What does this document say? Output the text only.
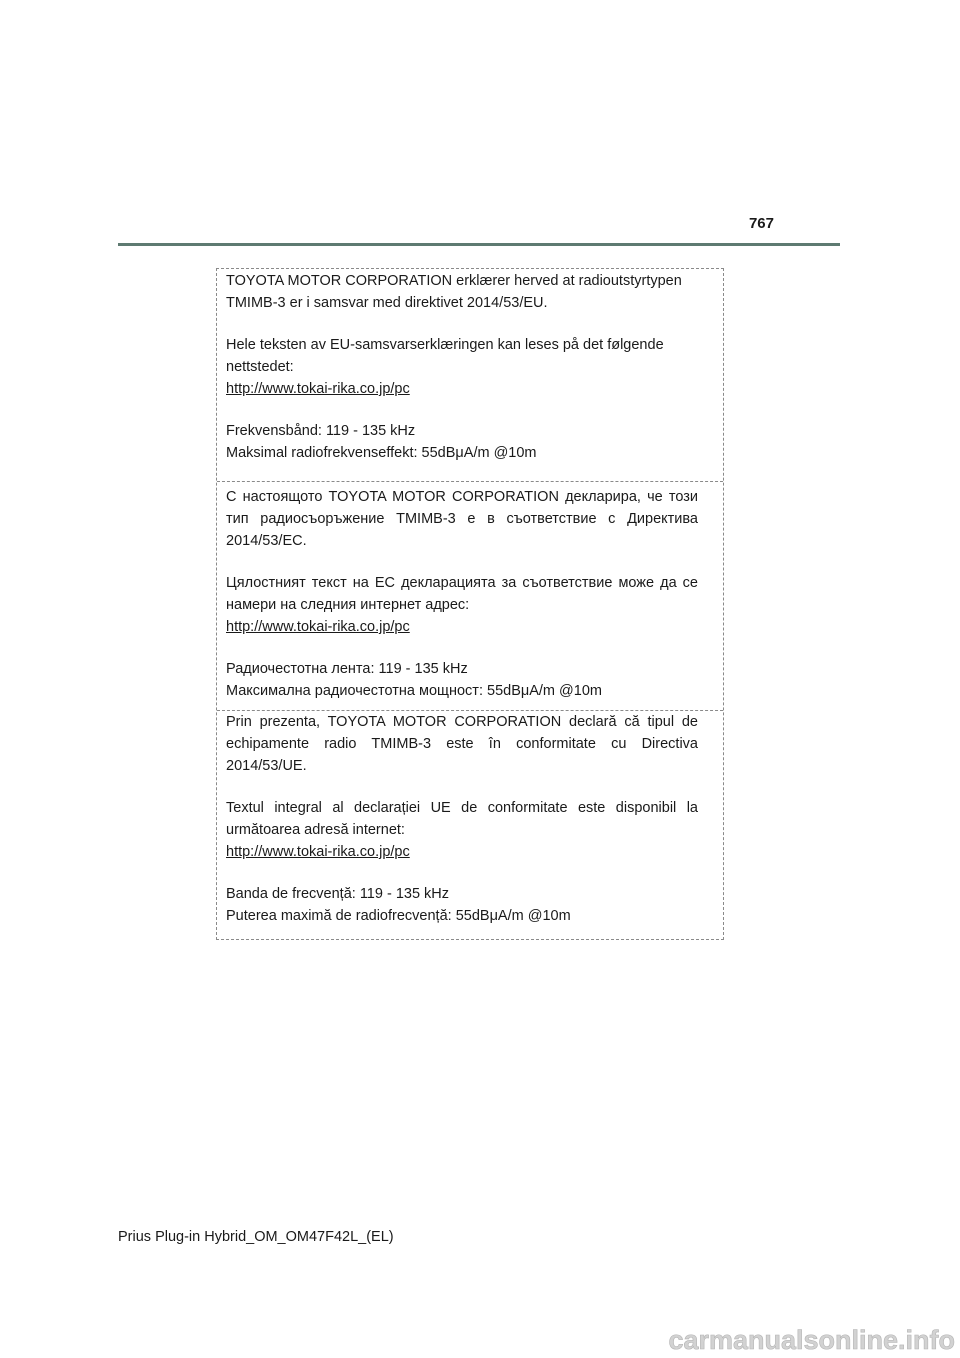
767

TOYOTA MOTOR CORPORATION erklærer herved at radioutstyrtypen TMIMB-3 er i samsvar med direktivet 2014/53/EU.

Hele teksten av EU-samsvarserklæringen kan leses på det følgende nettstedet:

http://www.tokai-rika.co.jp/pc

Frekvensbånd: 119 - 135 kHz

Maksimal radiofrekvenseffekt: 55dBμA/m @10m

С настоящото TOYOTA MOTOR CORPORATION декларира, че този тип радиосъоръжение TMIMB-3 е в съответствие с Директива 2014/53/ЕС.

Цялостният текст на ЕС декларацията за съответствие може да се намери на следния интернет адрес:

http://www.tokai-rika.co.jp/pc

Радиочестотна лента: 119 - 135 kHz

Максимална радиочестотна мощност: 55dBμA/m @10m

Prin prezenta, TOYOTA MOTOR CORPORATION declară că tipul de echipamente radio TMIMB-3 este în conformitate cu Directiva 2014/53/UE.

Textul integral al declarației UE de conformitate este disponibil la următoarea adresă internet:

http://www.tokai-rika.co.jp/pc

Banda de frecvență: 119 - 135 kHz

Puterea maximă de radiofrecvență: 55dBμA/m @10m

Prius Plug-in Hybrid_OM_OM47F42L_(EL)
carmanualsonline.info
